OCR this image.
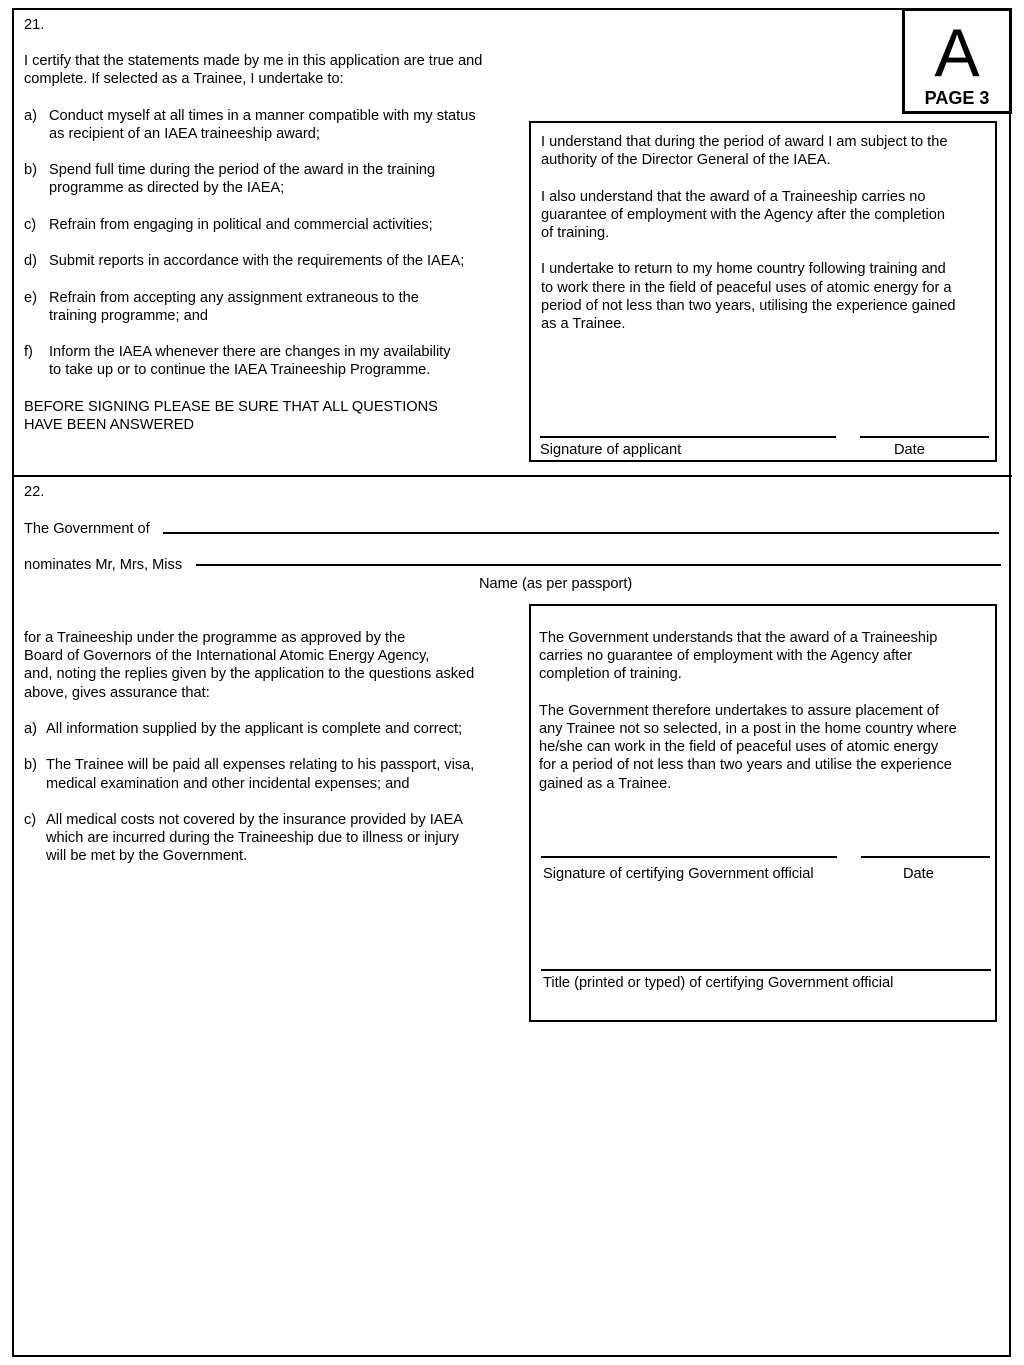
A
PAGE 3
21.

I certify that the statements made by me in this application are true and

complete. If selected as a Trainee, I undertake to:

a) Conduct myself at all times in a manner compatible with my status

as recipient of an IAEA traineeship award;

b) Spend full time during the period of the award in the training

programme as directed by the IAEA;

c) Refrain from engaging in political and commercial activities;

d) Submit reports in accordance with the requirements of the IAEA;

e) Refrain from accepting any assignment extraneous to the

training programme; and

f)	Inform the IAEA whenever there are changes in my availability

to take up or to continue the IAEA Traineeship Programme.

BEFORE SIGNING PLEASE BE SURE THAT ALL QUESTIONS

HAVE BEEN ANSWERED

I understand that during the period of award I am subject to the

authority of the Director General of the IAEA.

I also understand that the award of a Traineeship carries no

guarantee of employment with the Agency after the completion

of training.

I undertake to return to my home country following training and

to work there in the field of peaceful uses of atomic energy for a

period of not less than two years, utilising the experience gained

as a Trainee.

Signature of applicant	Date
22.
The Government of
nominates Mr, Mrs, Miss
Name (as per passport)

for a Traineeship under the programme as approved by the

Board of Governors of the International Atomic Energy Agency,

and, noting the replies given by the application to the questions asked

above, gives assurance that:

a) All information supplied by the applicant is complete and correct;

b) The Trainee will be paid all expenses relating to his passport, visa,

medical examination and other incidental expenses; and

c) All medical costs not covered by the insurance provided by IAEA

which are incurred during the Traineeship due to illness or injury

will be met by the Government.

The Government understands that the award of a Traineeship

carries no guarantee of employment with the Agency after

completion of training.

The Government therefore undertakes to assure placement of

any Trainee not so selected, in a post in the home country where

he/she can work in the field of peaceful uses of atomic energy

for a period of not less than two years and utilise the experience

gained as a Trainee.

Signature of certifying Government official	Date
Title (printed or typed) of certifying Government official
